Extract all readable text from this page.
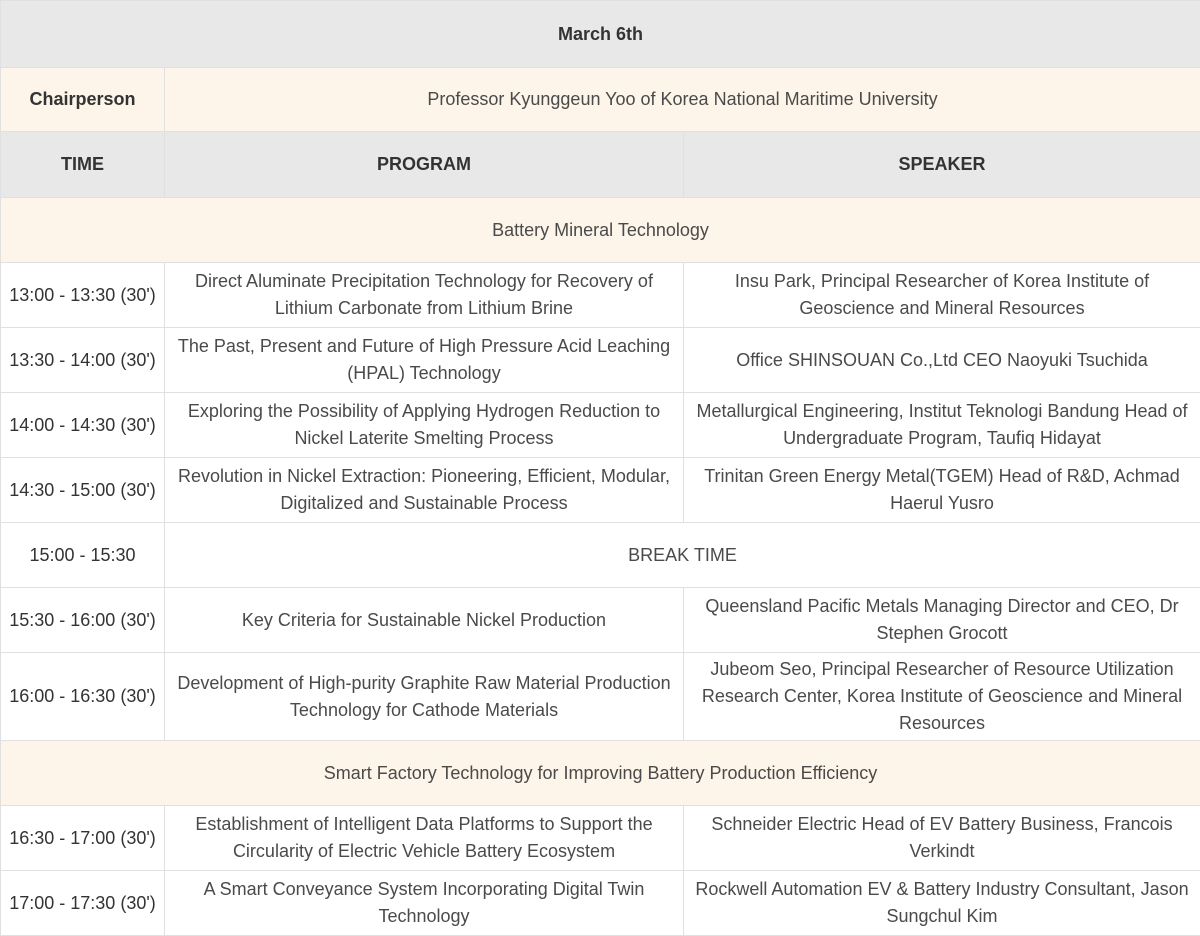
March 6th		
Chairperson	Professor Kyunggeun Yoo of Korea National Maritime University	
TIME	PROGRAM	SPEAKER
Battery Mineral Technology		
13:00 - 13:30 (30')	Direct Aluminate Precipitation Technology for Recovery of Lithium Carbonate from Lithium Brine	Insu Park, Principal Researcher of Korea Institute of Geoscience and Mineral Resources
13:30 - 14:00 (30')	The Past, Present and Future of High Pressure Acid Leaching (HPAL) Technology	Office SHINSOUAN Co.,Ltd CEO Naoyuki Tsuchida
14:00 - 14:30 (30')	Exploring the Possibility of Applying Hydrogen Reduction to Nickel Laterite Smelting Process	Metallurgical Engineering, Institut Teknologi Bandung Head of Undergraduate Program, Taufiq Hidayat
14:30 - 15:00 (30')	Revolution in Nickel Extraction: Pioneering, Efficient, Modular, Digitalized and Sustainable Process	Trinitan Green Energy Metal(TGEM) Head of R&D, Achmad Haerul Yusro
15:00 - 15:30	BREAK TIME	
15:30 - 16:00 (30')	Key Criteria for Sustainable Nickel Production	Queensland Pacific Metals Managing Director and CEO, Dr Stephen Grocott
16:00 - 16:30 (30')	Development of High-purity Graphite Raw Material Production Technology for Cathode Materials	Jubeom Seo, Principal Researcher of Resource Utilization Research Center, Korea Institute of Geoscience and Mineral Resources
Smart Factory Technology for Improving Battery Production Efficiency		
16:30 - 17:00 (30')	Establishment of Intelligent Data Platforms to Support the Circularity of Electric Vehicle Battery Ecosystem	Schneider Electric Head of EV Battery Business, Francois Verkindt
17:00 - 17:30 (30')	A Smart Conveyance System Incorporating Digital Twin Technology	Rockwell Automation EV & Battery Industry Consultant, Jason Sungchul Kim
